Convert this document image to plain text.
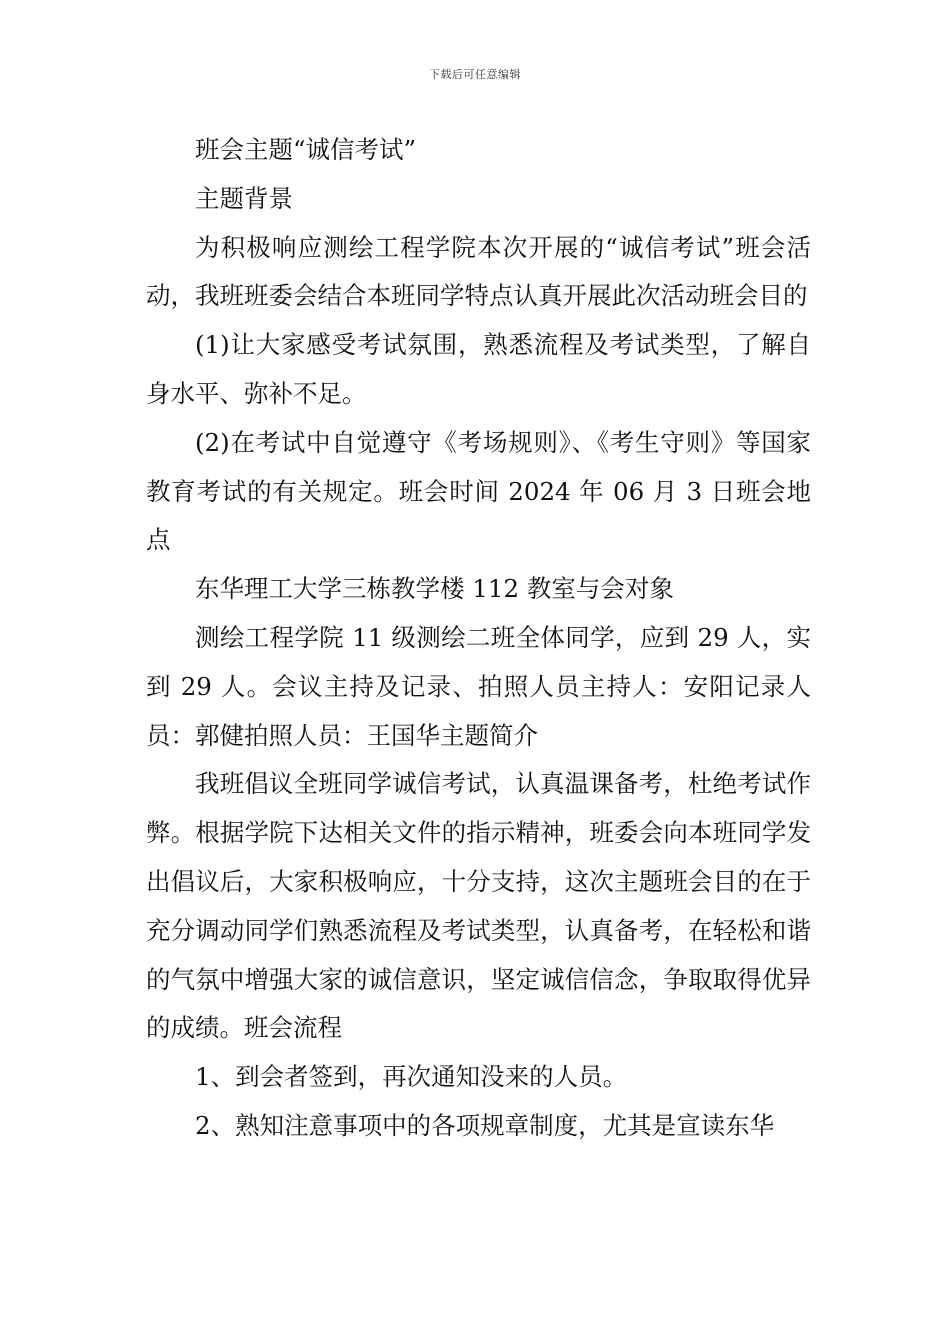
下载后可任意编辑

班会主题“诚信考试”

主题背景

为积极响应测绘工程学院本次开展的“诚信考试”班会活动，我班班委会结合本班同学特点认真开展此次活动班会目的

(1)让大家感受考试氛围，熟悉流程及考试类型，了解自身水平、弥补不足。

(2)在考试中自觉遵守《考场规则》、《考生守则》等国家教育考试的有关规定。班会时间 2024 年 06 月 3 日班会地点

东华理工大学三栋教学楼 112 教室与会对象

测绘工程学院 11 级测绘二班全体同学，应到 29 人，实到 29 人。会议主持及记录、拍照人员主持人：安阳记录人员：郭健拍照人员：王国华主题简介

我班倡议全班同学诚信考试，认真温课备考，杜绝考试作弊。根据学院下达相关文件的指示精神，班委会向本班同学发出倡议后，大家积极响应，十分支持，这次主题班会目的在于充分调动同学们熟悉流程及考试类型，认真备考，在轻松和谐的气氛中增强大家的诚信意识，坚定诚信信念，争取取得优异的成绩。班会流程

1、到会者签到，再次通知没来的人员。

2、熟知注意事项中的各项规章制度，尤其是宣读东华
